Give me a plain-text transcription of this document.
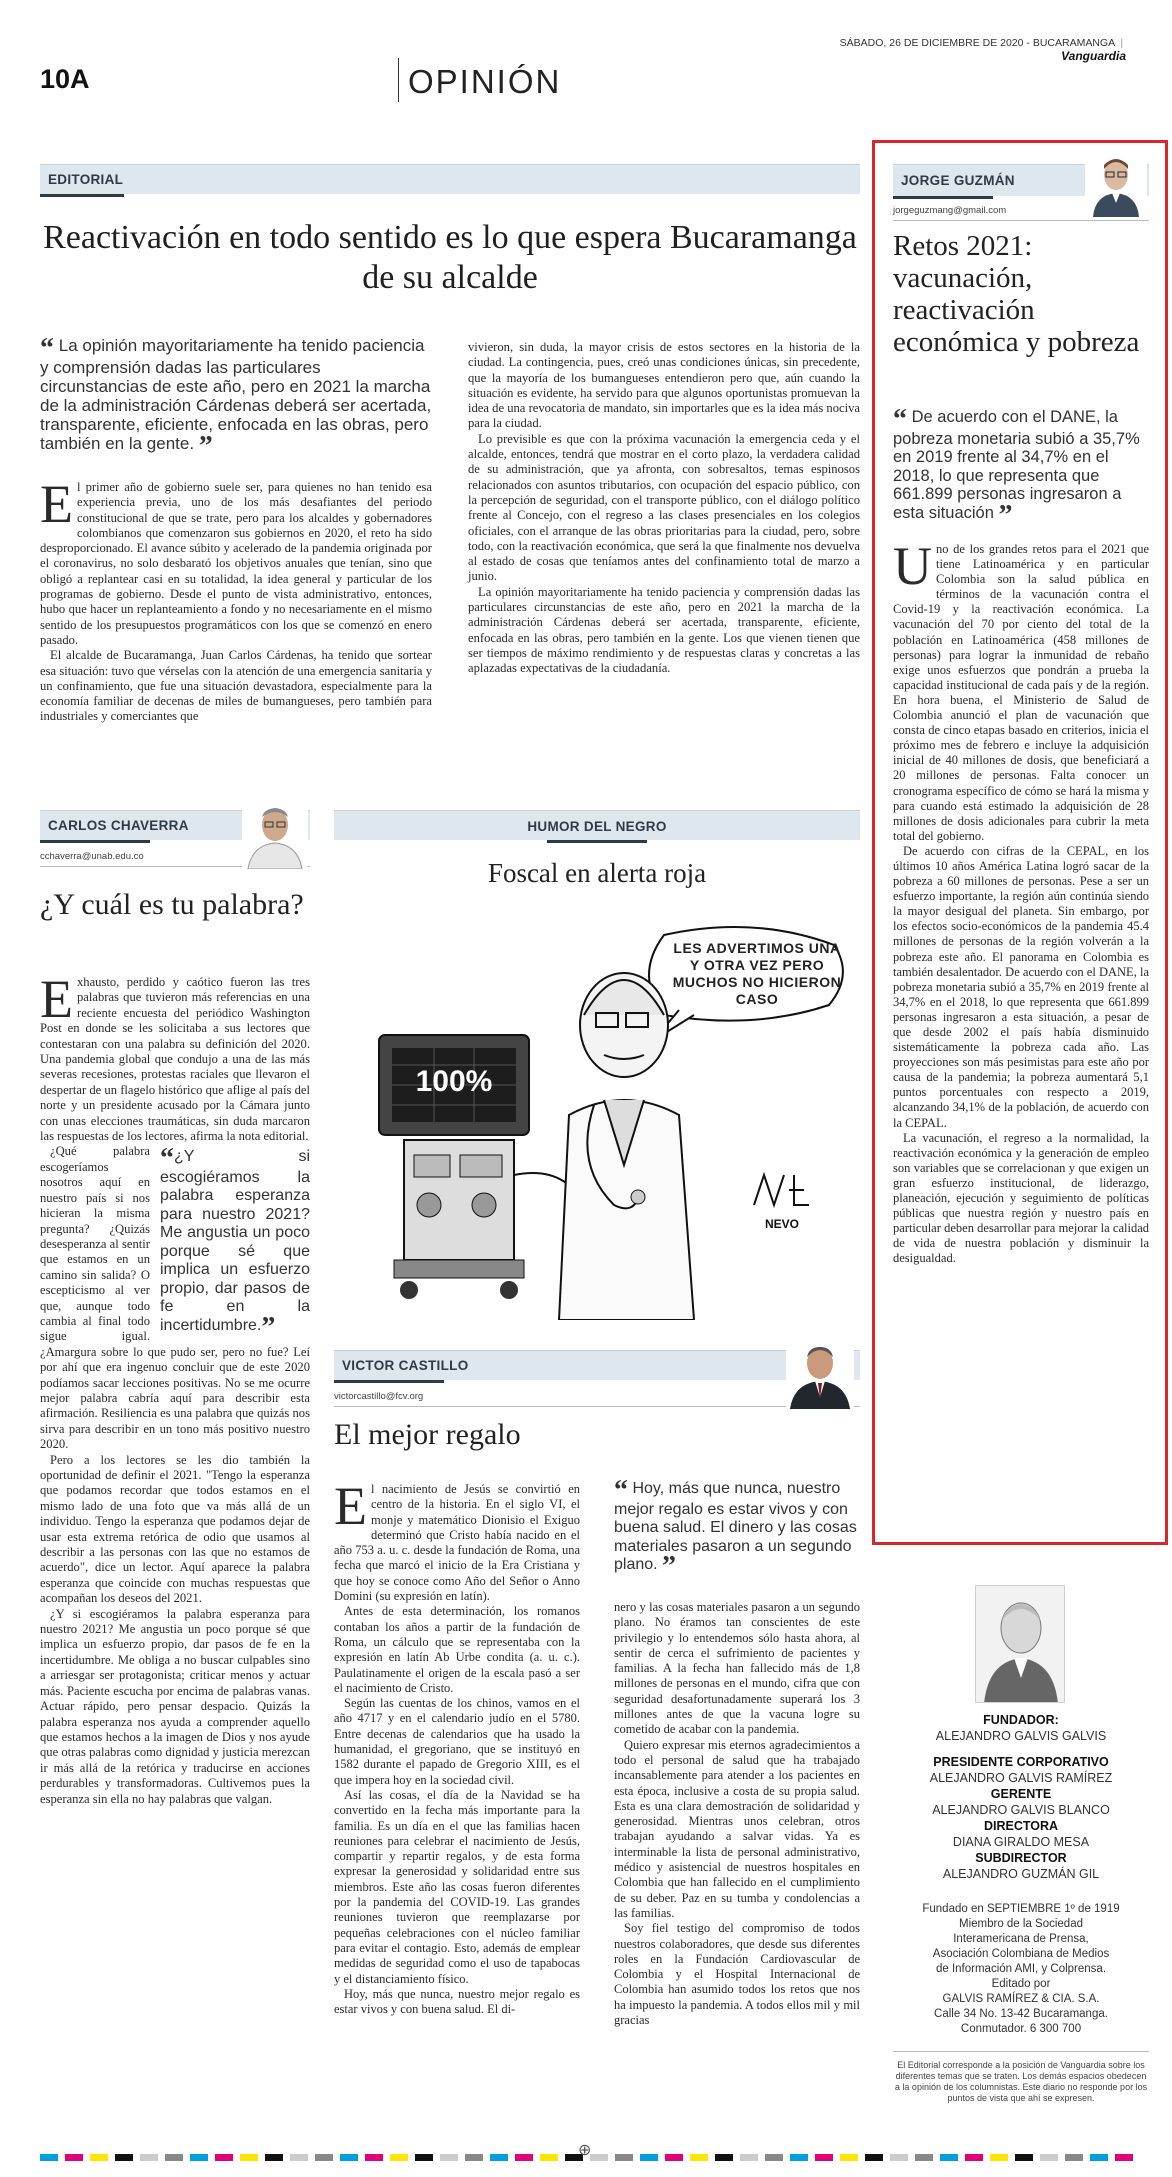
SÁBADO, 26 DE DICIEMBRE DE 2020 - BUCARAMANGA  |  Vanguardia
10A	OPINIÓN
EDITORIAL
Reactivación en todo sentido es lo que espera Bucaramanga de su alcalde
“ La opinión mayoritariamente ha tenido paciencia y comprensión dadas las particulares circunstancias de este año, pero en 2021 la marcha de la administración Cárdenas deberá ser acertada, transparente, eficiente, enfocada en las obras, pero también en la gente. ”

El primer año de gobierno suele ser, para quienes no han tenido esa experiencia previa, uno de los más desafiantes del periodo constitucional de que se trate, pero para los alcaldes y gobernadores colombianos que comenzaron sus gobiernos en 2020, el reto ha sido desproporcionado. El avance súbito y acelerado de la pandemia originada por el coronavirus, no solo desbarató los objetivos anuales que tenían, sino que obligó a replantear casi en su totalidad, la idea general y particular de los programas de gobierno. Desde el punto de vista administrativo, entonces, hubo que hacer un replanteamiento a fondo y no necesariamente en el mismo sentido de los presupuestos programáticos con los que se comenzó en enero pasado.

El alcalde de Bucaramanga, Juan Carlos Cárdenas, ha tenido que sortear esa situación: tuvo que vérselas con la atención de una emergencia sanitaria y un confinamiento, que fue una situación devastadora, especialmente para la economía familiar de decenas de miles de bumangueses, pero también para industriales y comerciantes que

vivieron, sin duda, la mayor crisis de estos sectores en la historia de la ciudad. La contingencia, pues, creó unas condiciones únicas, sin precedente, que la mayoría de los bumangueses entendieron pero que, aún cuando la situación es evidente, ha servido para que algunos oportunistas promuevan la idea de una revocatoria de mandato, sin importarles que es la idea más nociva para la ciudad.

Lo previsible es que con la próxima vacunación la emergencia ceda y el alcalde, entonces, tendrá que mostrar en el corto plazo, la verdadera calidad de su administración, que ya afronta, con sobresaltos, temas espinosos relacionados con asuntos tributarios, con ocupación del espacio público, con la percepción de seguridad, con el transporte público, con el diálogo político frente al Concejo, con el regreso a las clases presenciales en los colegios oficiales, con el arranque de las obras prioritarias para la ciudad, pero, sobre todo, con la reactivación económica, que será la que finalmente nos devuelva al estado de cosas que teníamos antes del confinamiento total de marzo a junio.

La opinión mayoritariamente ha tenido paciencia y comprensión dadas las particulares circunstancias de este año, pero en 2021 la marcha de la administración Cárdenas deberá ser acertada, transparente, eficiente, enfocada en las obras, pero también en la gente. Los que vienen tienen que ser tiempos de máximo rendimiento y de respuestas claras y concretas a las aplazadas expectativas de la ciudadanía.

JORGE GUZMÁN
jorgeguzmang@gmail.com
Retos 2021: vacunación, reactivación económica y pobreza
“ De acuerdo con el DANE, la pobreza monetaria subió a 35,7% en 2019 frente al 34,7% en el 2018, lo que representa que 661.899 personas ingresaron a esta situación ”

Uno de los grandes retos para el 2021 que tiene Latinoamérica y en particular Colombia son la salud pública en términos de la vacunación contra el Covid-19 y la reactivación económica. La vacunación del 70 por ciento del total de la población en Latinoamérica (458 millones de personas) para lograr la inmunidad de rebaño exige unos esfuerzos que pondrán a prueba la capacidad institucional de cada país y de la región. En hora buena, el Ministerio de Salud de Colombia anunció el plan de vacunación que consta de cinco etapas basado en criterios, inicia el próximo mes de febrero e incluye la adquisición inicial de 40 millones de dosis, que beneficiará a 20 millones de personas. Falta conocer un cronograma específico de cómo se hará la misma y para cuando está estimado la adquisición de 28 millones de dosis adicionales para cubrir la meta total del gobierno.

De acuerdo con cifras de la CEPAL, en los últimos 10 años América Latina logró sacar de la pobreza a 60 millones de personas. Pese a ser un esfuerzo importante, la región aún continúa siendo la mayor desigual del planeta. Sin embargo, por los efectos socio-económicos de la pandemia 45.4 millones de personas de la región volverán a la pobreza este año. El panorama en Colombia es también desalentador. De acuerdo con el DANE, la pobreza monetaria subió a 35,7% en 2019 frente al 34,7% en el 2018, lo que representa que 661.899 personas ingresaron a esta situación, a pesar de que desde 2002 el país había disminuido sistemáticamente la pobreza cada año. Las proyecciones son más pesimistas para este año por causa de la pandemia; la pobreza aumentará 5,1 puntos porcentuales con respecto a 2019, alcanzando 34,1% de la población, de acuerdo con la CEPAL.

La vacunación, el regreso a la normalidad, la reactivación económica y la generación de empleo son variables que se correlacionan y que exigen un gran esfuerzo institucional, de liderazgo, planeación, ejecución y seguimiento de políticas públicas que nuestra región y nuestro país en particular deben desarrollar para mejorar la calidad de vida de nuestra población y disminuir la desigualdad.

CARLOS CHAVERRA
cchaverra@unab.edu.co
¿Y cuál es tu palabra?

Exhausto, perdido y caótico fueron las tres palabras que tuvieron más referencias en una reciente encuesta del periódico Washington Post en donde se les solicitaba a sus lectores que contestaran con una palabra su definición del 2020. Una pandemia global que condujo a una de las más severas recesiones, protestas raciales que llevaron el despertar de un flagelo histórico que aflige al país del norte y un presidente acusado por la Cámara junto con unas elecciones traumáticas, sin duda marcaron las respuestas de los lectores, afirma la nota editorial.

“¿Y si escogiéramos la palabra esperanza para nuestro 2021? Me angustia un poco porque sé que implica un esfuerzo propio, dar pasos de fe en la incertidumbre.”

¿Qué palabra escogeríamos nosotros aquí en nuestro país si nos hicieran la misma pregunta? ¿Quizás desesperanza al sentir que estamos en un camino sin salida? O escepticismo al ver que, aunque todo cambia al final todo sigue igual. ¿Amargura sobre lo que pudo ser, pero no fue? Leí por ahí que era ingenuo concluir que de este 2020 podíamos sacar lecciones positivas. No se me ocurre mejor palabra cabría aquí para describir esta afirmación. Resiliencia es una palabra que quizás nos sirva para describir en un tono más positivo nuestro 2020.

Pero a los lectores se les dio también la oportunidad de definir el 2021. "Tengo la esperanza que podamos recordar que todos estamos en el mismo lado de una foto que va más allá de un individuo. Tengo la esperanza que podamos dejar de usar esta extrema retórica de odio que usamos al describir a las personas con las que no estamos de acuerdo", dice un lector. Aquí aparece la palabra esperanza que coincide con muchas respuestas que acompañan los deseos del 2021.

¿Y si escogiéramos la palabra esperanza para nuestro 2021? Me angustia un poco porque sé que implica un esfuerzo propio, dar pasos de fe en la incertidumbre. Me obliga a no buscar culpables sino a arriesgar ser protagonista; criticar menos y actuar más. Paciente escucha por encima de palabras vanas. Actuar rápido, pero pensar despacio. Quizás la palabra esperanza nos ayuda a comprender aquello que estamos hechos a la imagen de Dios y nos ayude que otras palabras como dignidad y justicia merezcan ir más allá de la retórica y traducirse en acciones perdurables y transformadoras. Cultivemos pues la esperanza sin ella no hay palabras que valgan.

$_{HUMOR DEL NEGRO}$
Foscal en alerta roja
LES ADVERTIMOS UNA Y OTRA VEZ PERO MUCHOS NO HICIERON CASO
100%
NEVO
VICTOR CASTILLO
victorcastillo@fcv.org
El mejor regalo
“ Hoy, más que nunca, nuestro mejor regalo es estar vivos y con buena salud. El dinero y las cosas materiales pasaron a un segundo plano. ”

El nacimiento de Jesús se convirtió en centro de la historia. En el siglo VI, el monje y matemático Dionisio el Exiguo determinó que Cristo había nacido en el año 753 a. u. c. desde la fundación de Roma, una fecha que marcó el inicio de la Era Cristiana y que hoy se conoce como Año del Señor o Anno Domini (su expresión en latín).

Antes de esta determinación, los romanos contaban los años a partir de la fundación de Roma, un cálculo que se representaba con la expresión en latín Ab Urbe condita (a. u. c.). Paulatinamente el origen de la escala pasó a ser el nacimiento de Cristo.

Según las cuentas de los chinos, vamos en el año 4717 y en el calendario judío en el 5780. Entre decenas de calendarios que ha usado la humanidad, el gregoriano, que se instituyó en 1582 durante el papado de Gregorio XIII, es el que impera hoy en la sociedad civil.

Así las cosas, el día de la Navidad se ha convertido en la fecha más importante para la familia. Es un día en el que las familias hacen reuniones para celebrar el nacimiento de Jesús, compartir y repartir regalos, y de esta forma expresar la generosidad y solidaridad entre sus miembros. Este año las cosas fueron diferentes por la pandemia del COVID-19. Las grandes reuniones tuvieron que reemplazarse por pequeñas celebraciones con el núcleo familiar para evitar el contagio. Esto, además de emplear medidas de seguridad como el uso de tapabocas y el distanciamiento físico.

Hoy, más que nunca, nuestro mejor regalo es estar vivos y con buena salud. El di-

nero y las cosas materiales pasaron a un segundo plano. No éramos tan conscientes de este privilegio y lo entendemos sólo hasta ahora, al sentir de cerca el sufrimiento de pacientes y familias. A la fecha han fallecido más de 1,8 millones de personas en el mundo, cifra que con seguridad desafortunadamente superará los 3 millones antes de que la vacuna logre su cometido de acabar con la pandemia.

Quiero expresar mis eternos agradecimientos a todo el personal de salud que ha trabajado incansablemente para atender a los pacientes en esta época, inclusive a costa de su propia salud. Esta es una clara demostración de solidaridad y generosidad. Mientras unos celebran, otros trabajan ayudando a salvar vidas. Ya es interminable la lista de personal administrativo, médico y asistencial de nuestros hospitales en Colombia que han fallecido en el cumplimiento de su deber. Paz en su tumba y condolencias a las familias.

Soy fiel testigo del compromiso de todos nuestros colaboradores, que desde sus diferentes roles en la Fundación Cardiovascular de Colombia y el Hospital Internacional de Colombia han asumido todos los retos que nos ha impuesto la pandemia. A todos ellos mil y mil gracias

FUNDADOR:
ALEJANDRO GALVIS GALVIS
PRESIDENTE CORPORATIVO
ALEJANDRO GALVIS RAMÍREZ
GERENTE
ALEJANDRO GALVIS BLANCO
DIRECTORA
DIANA GIRALDO MESA
SUBDIRECTOR
ALEJANDRO GUZMÁN GIL
Fundado en SEPTIEMBRE 1º de 1919
Miembro de la Sociedad
Interamericana de Prensa,
Asociación Colombiana de Medios
de Información AMI, y Colprensa.
Editado por
GALVIS RAMÍREZ & CIA. S.A.
Calle 34 No. 13-42 Bucaramanga.
Conmutador. 6 300 700
El Editorial corresponde a la posición de Vanguardia sobre los diferentes temas que se traten. Los demás espacios obedecen a la opinión de los columnistas. Este diario no responde por los puntos de vista que ahí se expresen.
⊕
